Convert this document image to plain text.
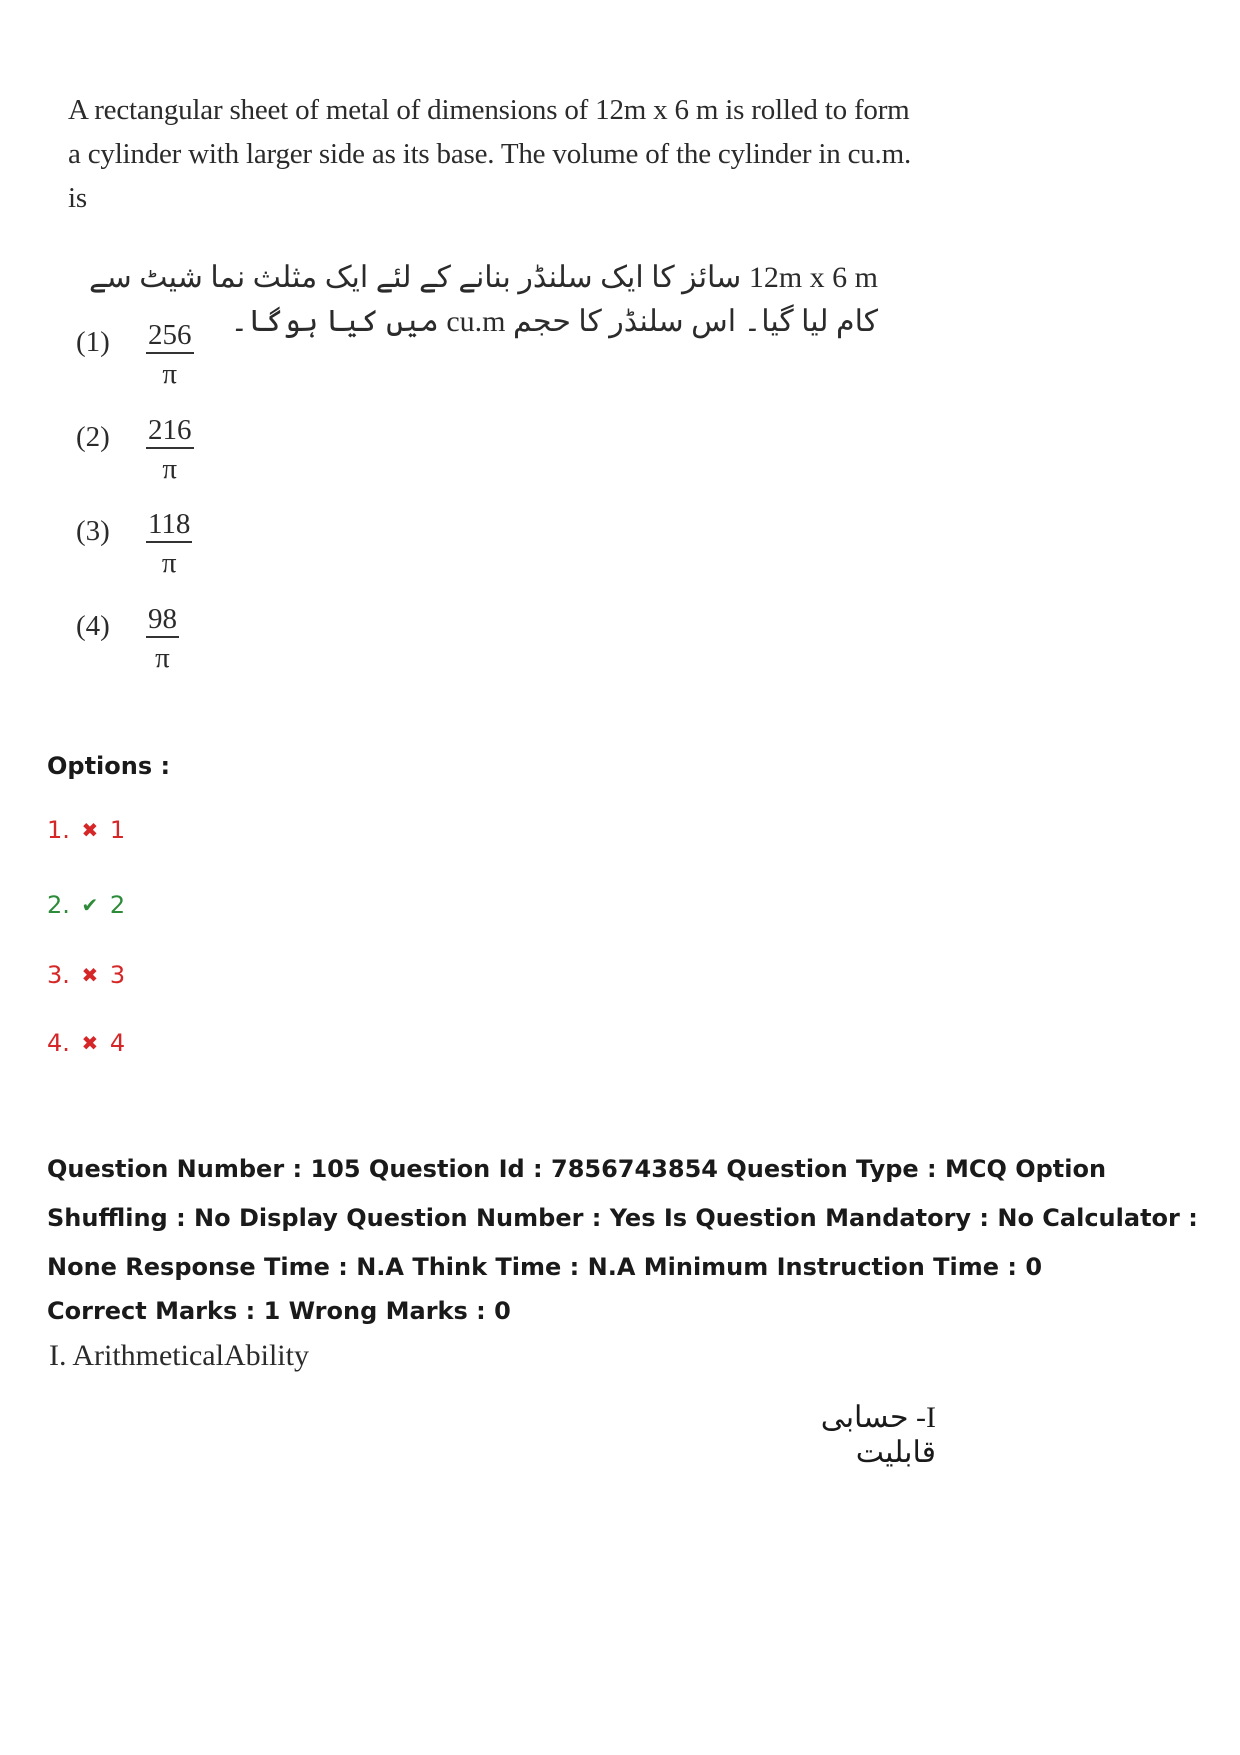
A rectangular sheet of metal of dimensions of 12m x 6 m is rolled to form a cylinder with larger side as its base. The volume of the cylinder in cu.m. is

12m x 6 m سائز کا ایک سلنڈر بنانے کے لئے ایک مثلث نما شیٹ سے کام لیا گیا۔ اس سلنڈر کا حجم cu.m میں کیا ہوگا۔
$(1) \frac{256}{\pi}$
$(2) \frac{216}{\pi}$
$(3) \frac{118}{\pi}$
$(4) \frac{98}{\pi}$
Options :
1. ✖ 1
2. ✔ 2
3. ✖ 3
4. ✖ 4
Question Number : 105 Question Id : 7856743854 Question Type : MCQ Option Shuffling : No Display Question Number : Yes Is Question Mandatory : No Calculator : None Response Time : N.A Think Time : N.A Minimum Instruction Time : 0
Correct Marks : 1 Wrong Marks : 0
I. ArithmeticalAbility
I- حسابی قابلیت
